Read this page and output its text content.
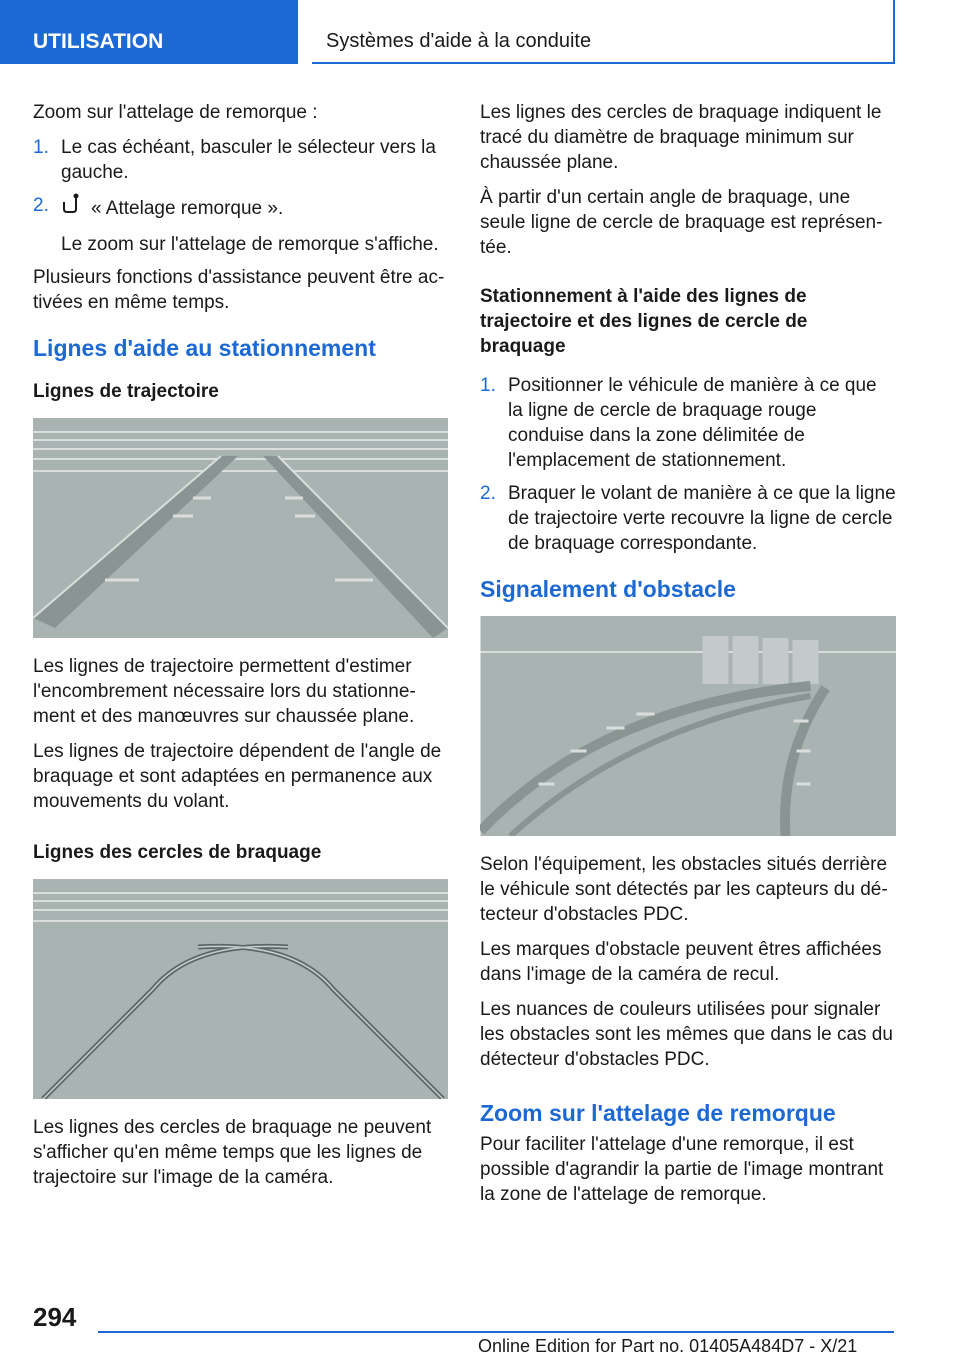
UTILISATION	Systèmes d'aide à la conduite

Zoom sur l'attelage de remorque :

1. Le cas échéant, basculer le sélecteur vers la gauche.
2.	« Attelage remorque ».
Le zoom sur l'attelage de remorque s'affiche.

Plusieurs fonctions d'assistance peuvent être activées en même temps.

Lignes d'aide au stationnement
Lignes de trajectoire

Les lignes de trajectoire permettent d'estimer l'encombrement nécessaire lors du stationnement et des manœuvres sur chaussée plane.

Les lignes de trajectoire dépendent de l'angle de braquage et sont adaptées en permanence aux mouvements du volant.

Lignes des cercles de braquage

Les lignes des cercles de braquage ne peuvent s'afficher qu'en même temps que les lignes de trajectoire sur l'image de la caméra.

Les lignes des cercles de braquage indiquent le tracé du diamètre de braquage minimum sur chaussée plane.

À partir d'un certain angle de braquage, une seule ligne de cercle de braquage est représentée.

Stationnement à l'aide des lignes de trajectoire et des lignes de cercle de braquage
1. Positionner le véhicule de manière à ce que la ligne de cercle de braquage rouge conduise dans la zone délimitée de l'emplacement de stationnement.
2. Braquer le volant de manière à ce que la ligne de trajectoire verte recouvre la ligne de cercle de braquage correspondante.
Signalement d'obstacle

Selon l'équipement, les obstacles situés derrière le véhicule sont détectés par les capteurs du détecteur d'obstacles PDC.

Les marques d'obstacle peuvent êtres affichées dans l'image de la caméra de recul.

Les nuances de couleurs utilisées pour signaler les obstacles sont les mêmes que dans le cas du détecteur d'obstacles PDC.

Zoom sur l'attelage de remorque

Pour faciliter l'attelage d'une remorque, il est possible d'agrandir la partie de l'image montrant la zone de l'attelage de remorque.

294
Online Edition for Part no. 01405A484D7 - X/21
